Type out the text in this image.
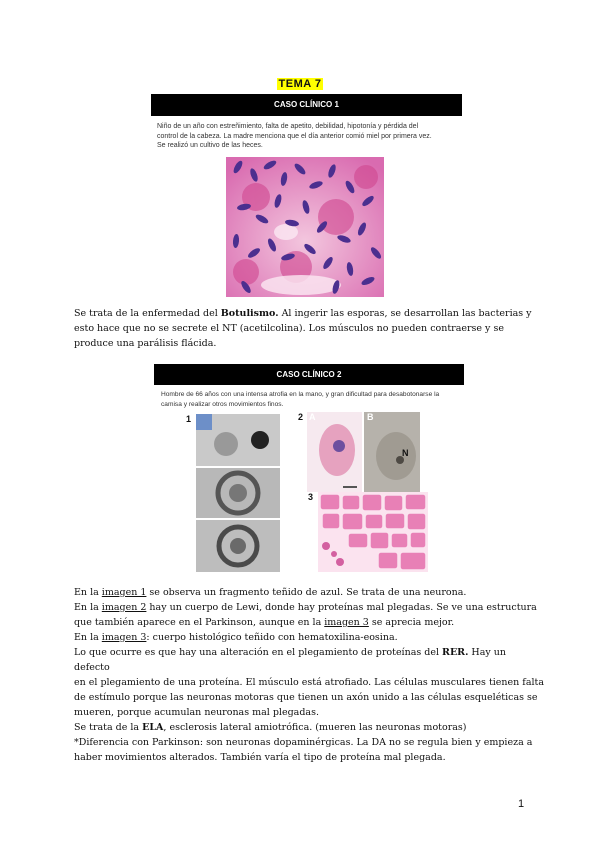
TEMA 7
CASO CLÍNICO 1
Niño de un año con estreñimiento, falta de apetito, debilidad, hipotonía y pérdida del
control de la cabeza. La madre menciona que el día anterior comió miel por primera vez.
Se realizó un cultivo de las heces.

Se trata de la enfermedad del Botulismo. Al ingerir las esporas, se desarrollan las bacterias y

esto hace que no se secrete el NT (acetilcolina). Los músculos no pueden contraerse y se

produce una parálisis flácida.

CASO CLÍNICO 2
Hombre de 66 años con una intensa atrofia en la mano, y gran dificultad para desabotonarse la
camisa y realizar otros movimientos finos.
1	2 A	B
N
3

En la imagen 1 se observa un fragmento teñido de azul. Se trata de una neurona.

En la imagen 2 hay un cuerpo de Lewi, donde hay proteínas mal plegadas. Se ve una estructura

que también aparece en el Parkinson, aunque en la imagen 3 se aprecia mejor.

En la imagen 3: cuerpo histológico teñido con hematoxilina-eosina.

Lo que ocurre es que hay una alteración en el plegamiento de proteínas del RER. Hay un defecto

en el plegamiento de una proteína. El músculo está atrofiado. Las células musculares tienen falta

de estímulo porque las neuronas motoras que tienen un axón unido a las células esqueléticas se

mueren, porque acumulan neuronas mal plegadas.

Se trata de la ELA, esclerosis lateral amiotrófica. (mueren las neuronas motoras)

*Diferencia con Parkinson: son neuronas dopaminérgicas. La DA no se regula bien y empieza a

haber movimientos alterados. También varía el tipo de proteína mal plegada.

1
